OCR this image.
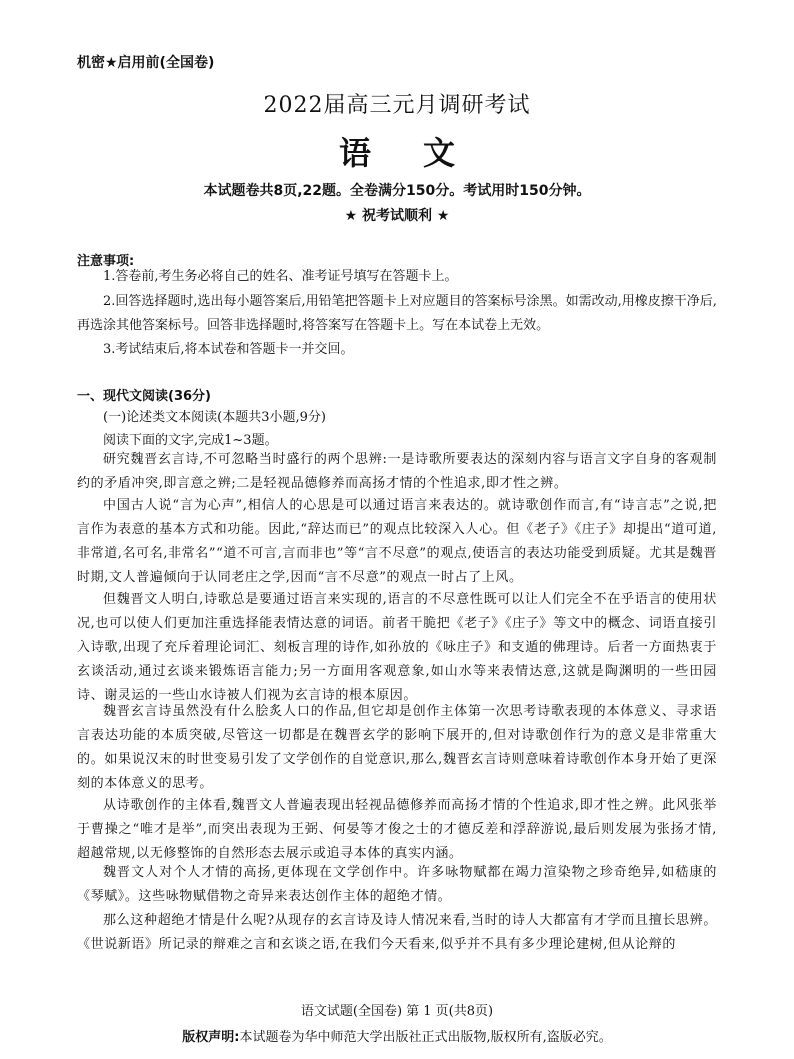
机密★启用前(全国卷)
2022届高三元月调研考试
语文
本试题卷共8页,22题。全卷满分150分。考试用时150分钟。
★ 祝考试顺利 ★
注意事项:
1.答卷前,考生务必将自己的姓名、准考证号填写在答题卡上。
2.回答选择题时,选出每小题答案后,用铅笔把答题卡上对应题目的答案标号涂黑。如需改动,用橡皮擦干净后,再选涂其他答案标号。回答非选择题时,将答案写在答题卡上。写在本试卷上无效。
3.考试结束后,将本试卷和答题卡一并交回。
一、现代文阅读(36分)
(一)论述类文本阅读(本题共3小题,9分)
阅读下面的文字,完成1~3题。
研究魏晋玄言诗,不可忽略当时盛行的两个思辨:一是诗歌所要表达的深刻内容与语言文字自身的客观制约的矛盾冲突,即言意之辨;二是轻视品德修养而高扬才情的个性追求,即才性之辨。
中国古人说“言为心声”,相信人的心思是可以通过语言来表达的。就诗歌创作而言,有“诗言志”之说,把言作为表意的基本方式和功能。因此,“辞达而已”的观点比较深入人心。但《老子》《庄子》却提出“道可道,非常道,名可名,非常名”“道不可言,言而非也”等“言不尽意”的观点,使语言的表达功能受到质疑。尤其是魏晋时期,文人普遍倾向于认同老庄之学,因而“言不尽意”的观点一时占了上风。
但魏晋文人明白,诗歌总是要通过语言来实现的,语言的不尽意性既可以让人们完全不在乎语言的使用状况,也可以使人们更加注重选择能表情达意的词语。前者干脆把《老子》《庄子》等文中的概念、词语直接引入诗歌,出现了充斥着理论词汇、刻板言理的诗作,如孙放的《咏庄子》和支遁的佛理诗。后者一方面热衷于玄谈活动,通过玄谈来锻炼语言能力;另一方面用客观意象,如山水等来表情达意,这就是陶渊明的一些田园诗、谢灵运的一些山水诗被人们视为玄言诗的根本原因。
魏晋玄言诗虽然没有什么脍炙人口的作品,但它却是创作主体第一次思考诗歌表现的本体意义、寻求语言表达功能的本质突破,尽管这一切都是在魏晋玄学的影响下展开的,但对诗歌创作行为的意义是非常重大的。如果说汉末的时世变易引发了文学创作的自觉意识,那么,魏晋玄言诗则意味着诗歌创作本身开始了更深刻的本体意义的思考。
从诗歌创作的主体看,魏晋文人普遍表现出轻视品德修养而高扬才情的个性追求,即才性之辨。此风张举于曹操之“唯才是举”,而突出表现为王弼、何晏等才俊之士的才德反差和浮辞游说,最后则发展为张扬才情,超越常规,以无修整饰的自然形态去展示或追寻本体的真实内涵。
魏晋文人对个人才情的高扬,更体现在文学创作中。许多咏物赋都在竭力渲染物之珍奇绝异,如嵇康的《琴赋》。这些咏物赋借物之奇异来表达创作主体的超绝才情。
那么这种超绝才情是什么呢?从现存的玄言诗及诗人情况来看,当时的诗人大都富有才学而且擅长思辨。《世说新语》所记录的辩难之言和玄谈之语,在我们今天看来,似乎并不具有多少理论建树,但从论辩的
语文试题(全国卷) 第 1 页(共8页)
版权声明:本试题卷为华中师范大学出版社正式出版物,版权所有,盗版必究。
